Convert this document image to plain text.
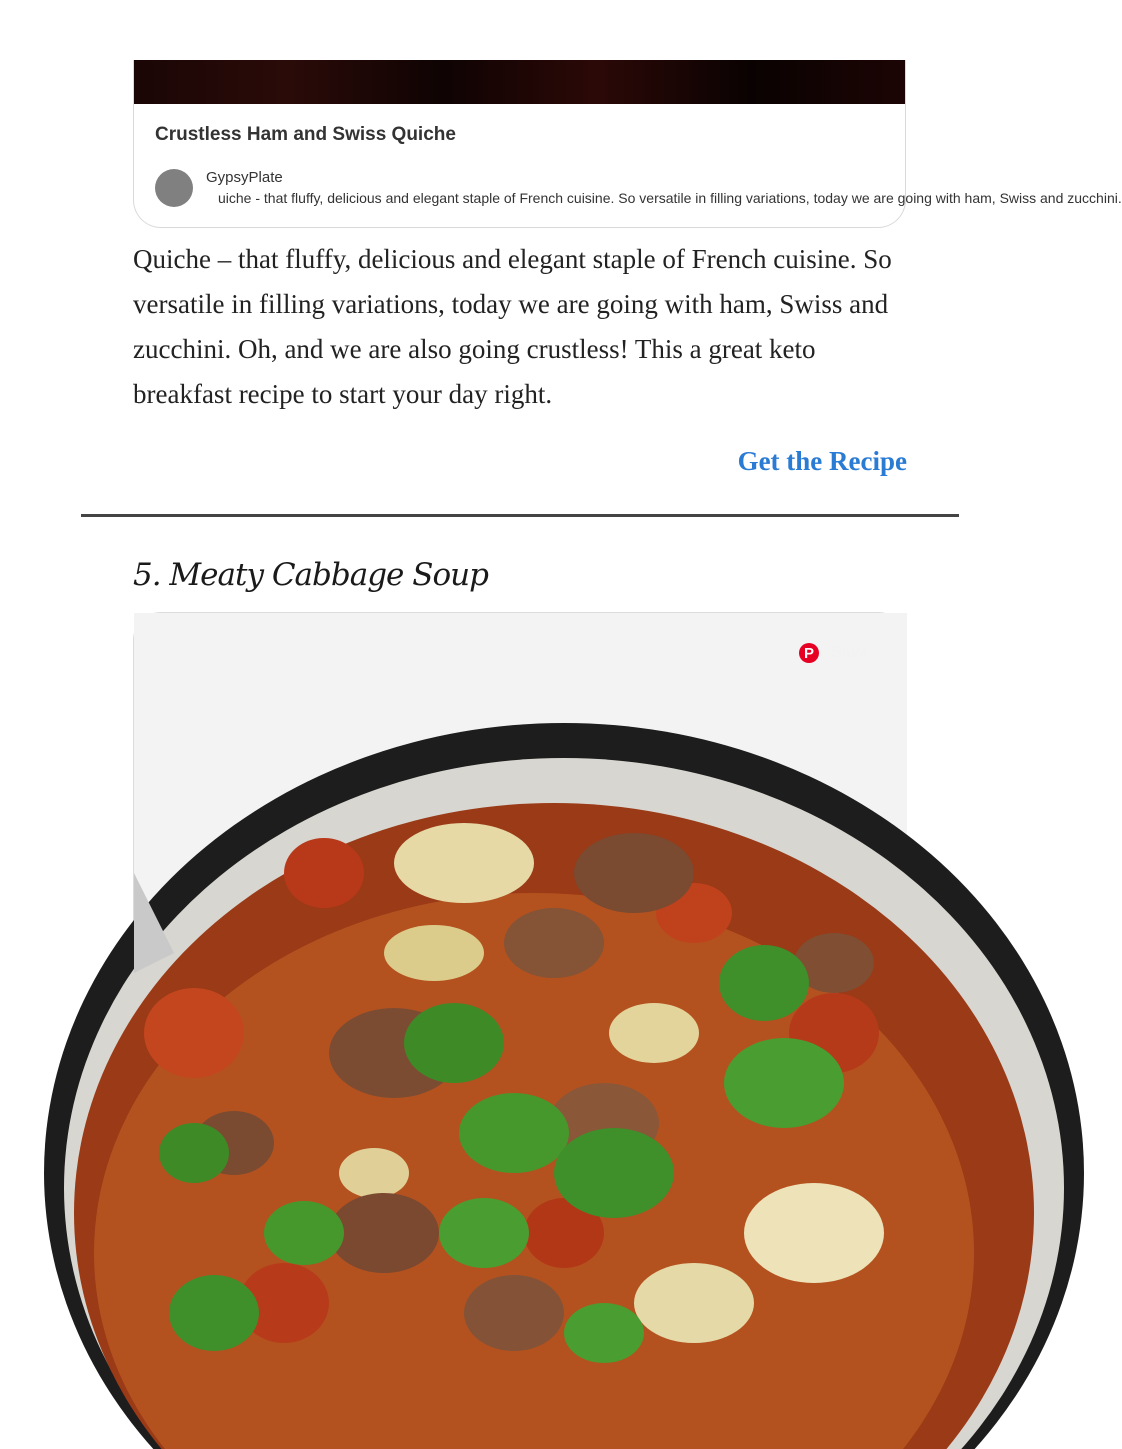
Crustless Ham and Swiss Quiche
GypsyPlate
uiche - that fluffy, delicious and elegant staple of French cuisine. So versatile in filling variations, today we are going with ham, Swiss and zucchini.

Quiche – that fluffy, delicious and elegant staple of French cuisine. So versatile in filling variations, today we are going with ham, Swiss and zucchini. Oh, and we are also going crustless! This a great keto breakfast recipe to start your day right.

Get the Recipe
5. Meaty Cabbage Soup
P	Save
